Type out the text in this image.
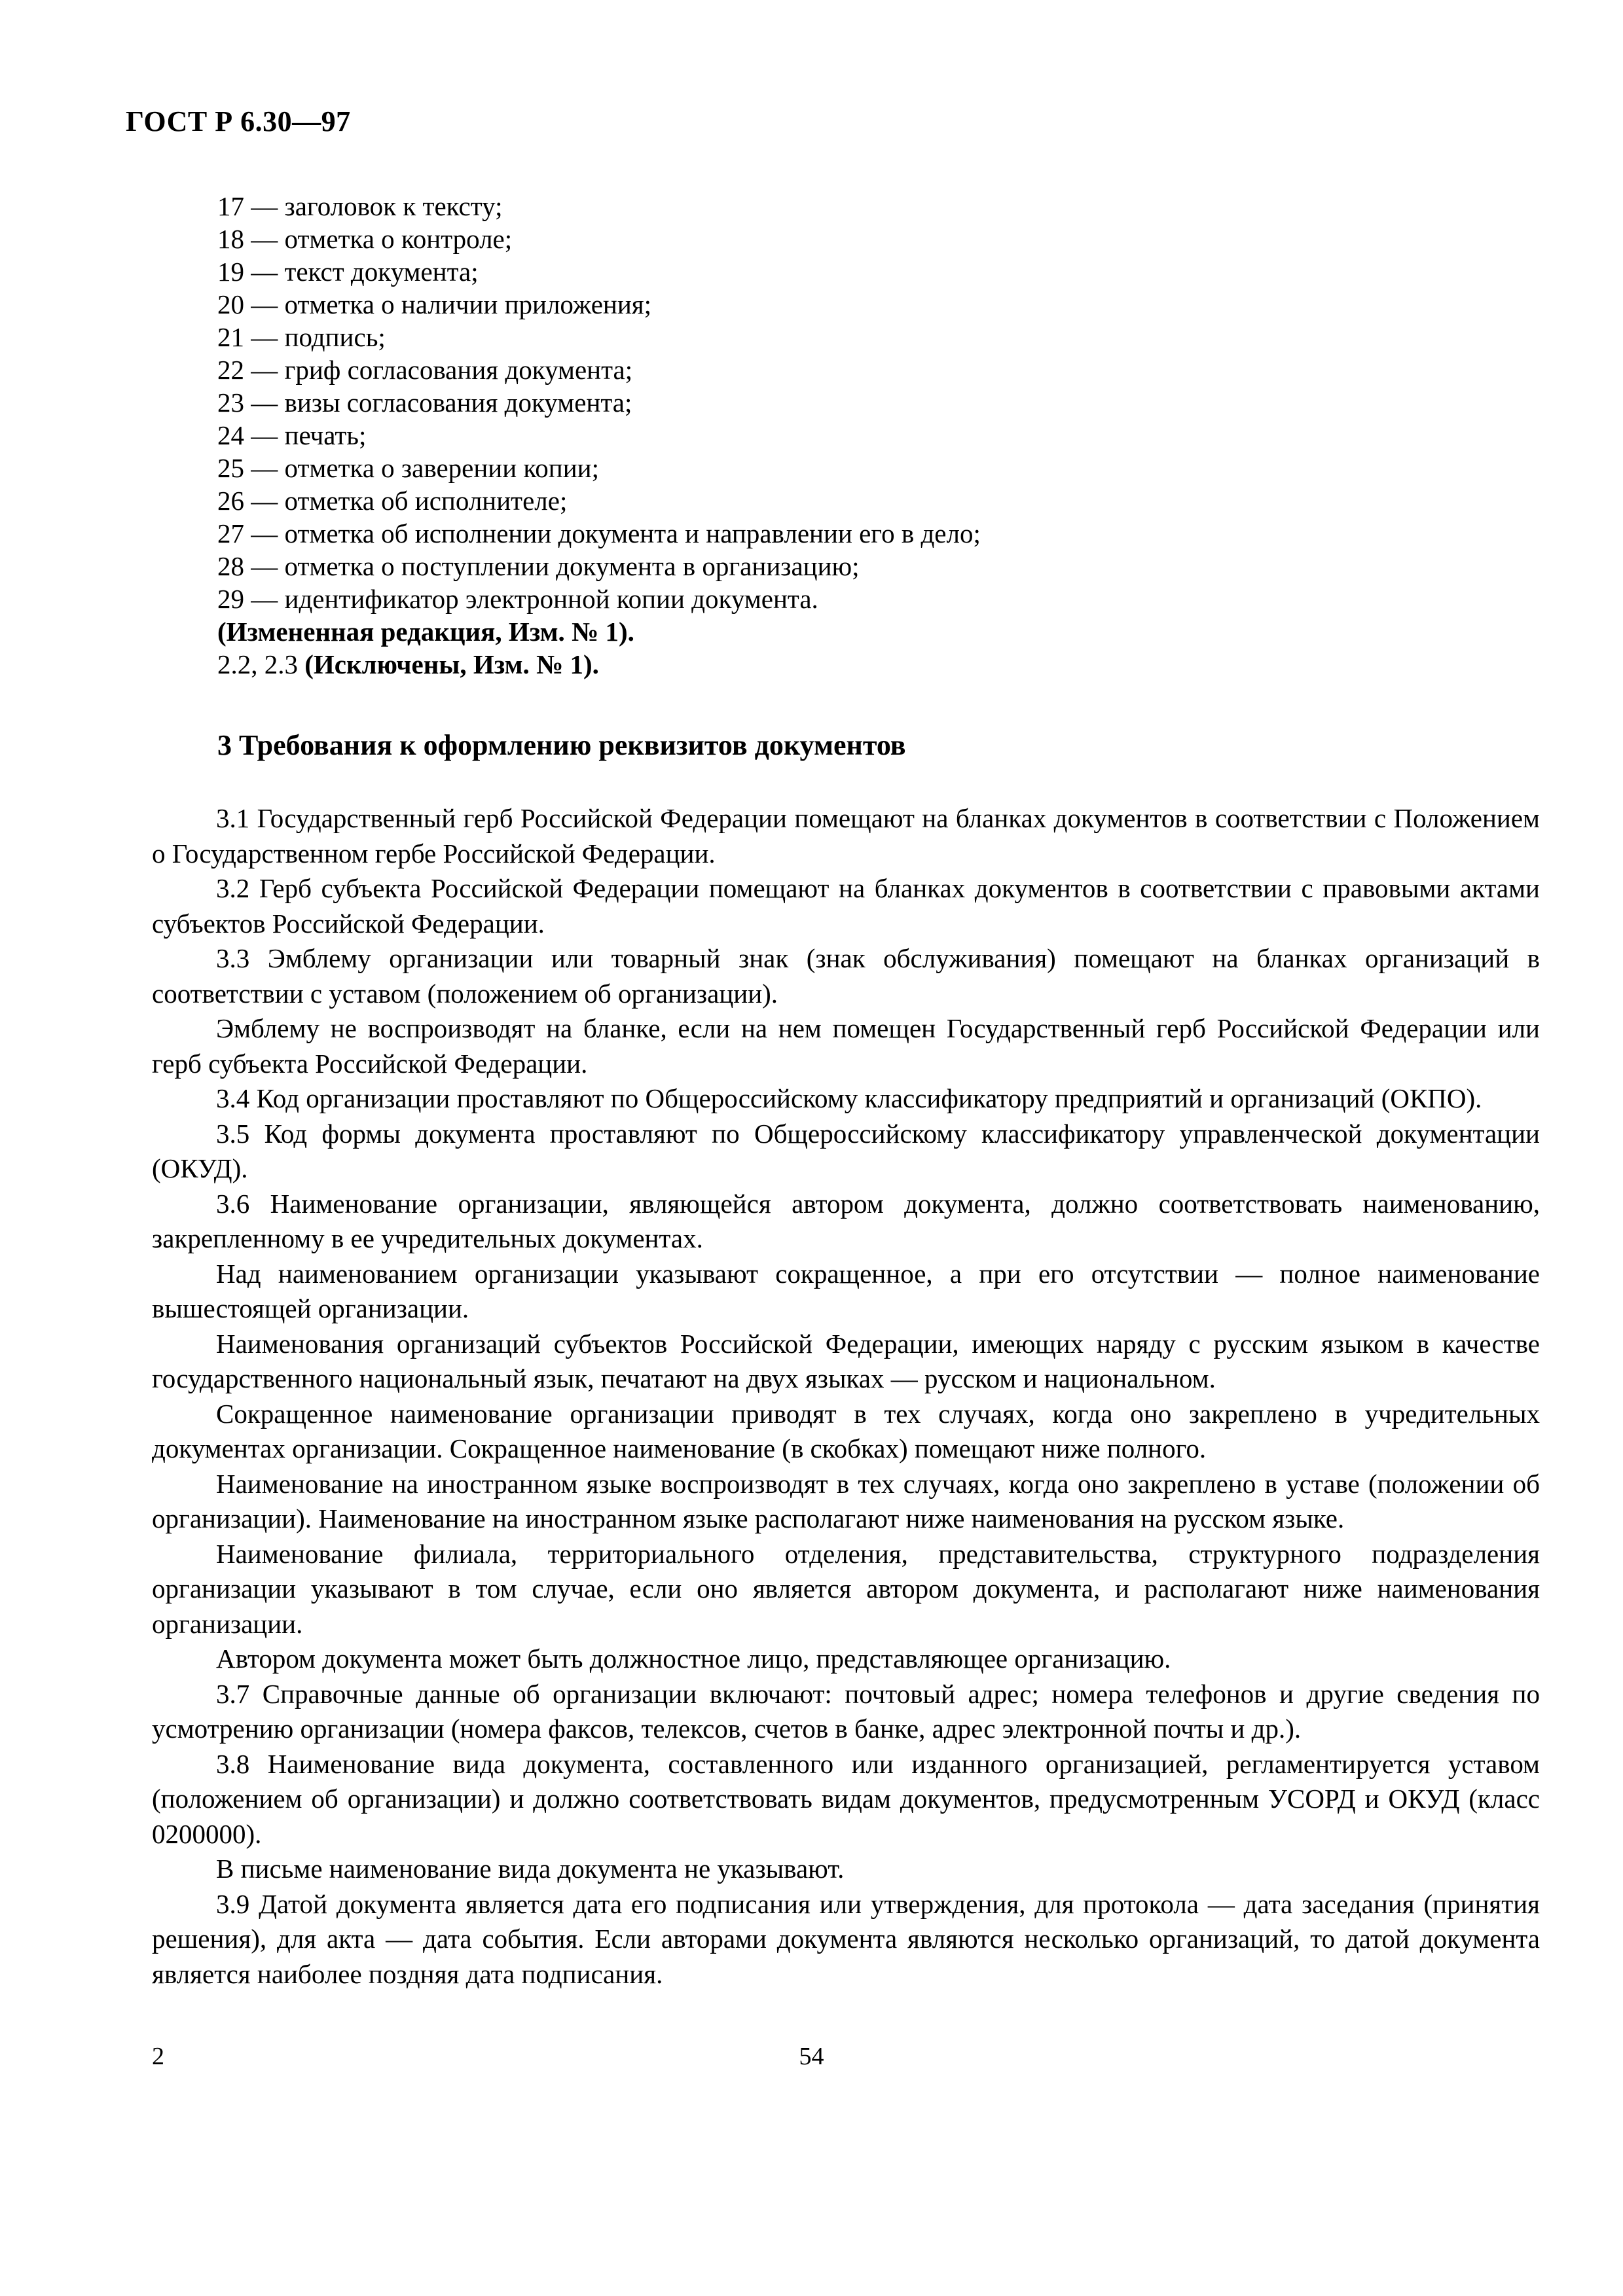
ГОСТ Р 6.30—97
17 — заголовок к тексту;
18 — отметка о контроле;
19 — текст документа;
20 — отметка о наличии приложения;
21 — подпись;
22 — гриф согласования документа;
23 — визы согласования документа;
24 — печать;
25 — отметка о заверении копии;
26 — отметка об исполнителе;
27 — отметка об исполнении документа и направлении его в дело;
28 — отметка о поступлении документа в организацию;
29 — идентификатор электронной копии документа.
(Измененная редакция, Изм. № 1).
2.2, 2.3 (Исключены, Изм. № 1).
3 Требования к оформлению реквизитов документов

3.1 Государственный герб Российской Федерации помещают на бланках документов в соответствии с Положением о Государственном гербе Российской Федерации.

3.2 Герб субъекта Российской Федерации помещают на бланках документов в соответствии с правовыми актами субъектов Российской Федерации.

3.3 Эмблему организации или товарный знак (знак обслуживания) помещают на бланках организаций в соответствии с уставом (положением об организации).

Эмблему не воспроизводят на бланке, если на нем помещен Государственный герб Российской Федерации или герб субъекта Российской Федерации.

3.4 Код организации проставляют по Общероссийскому классификатору предприятий и организаций (ОКПО).

3.5 Код формы документа проставляют по Общероссийскому классификатору управленческой документации (ОКУД).

3.6 Наименование организации, являющейся автором документа, должно соответствовать наименованию, закрепленному в ее учредительных документах.

Над наименованием организации указывают сокращенное, а при его отсутствии — полное наименование вышестоящей организации.

Наименования организаций субъектов Российской Федерации, имеющих наряду с русским языком в качестве государственного национальный язык, печатают на двух языках — русском и национальном.

Сокращенное наименование организации приводят в тех случаях, когда оно закреплено в учредительных документах организации. Сокращенное наименование (в скобках) помещают ниже полного.

Наименование на иностранном языке воспроизводят в тех случаях, когда оно закреплено в уставе (положении об организации). Наименование на иностранном языке располагают ниже наименования на русском языке.

Наименование филиала, территориального отделения, представительства, структурного подразделения организации указывают в том случае, если оно является автором документа, и располагают ниже наименования организации.

Автором документа может быть должностное лицо, представляющее организацию.

3.7 Справочные данные об организации включают: почтовый адрес; номера телефонов и другие сведения по усмотрению организации (номера факсов, телексов, счетов в банке, адрес электронной почты и др.).

3.8 Наименование вида документа, составленного или изданного организацией, регламентируется уставом (положением об организации) и должно соответствовать видам документов, предусмотренным УСОРД и ОКУД (класс 0200000).

В письме наименование вида документа не указывают.

3.9 Датой документа является дата его подписания или утверждения, для протокола — дата заседания (принятия решения), для акта — дата события. Если авторами документа являются несколько организаций, то датой документа является наиболее поздняя дата подписания.

2	54
